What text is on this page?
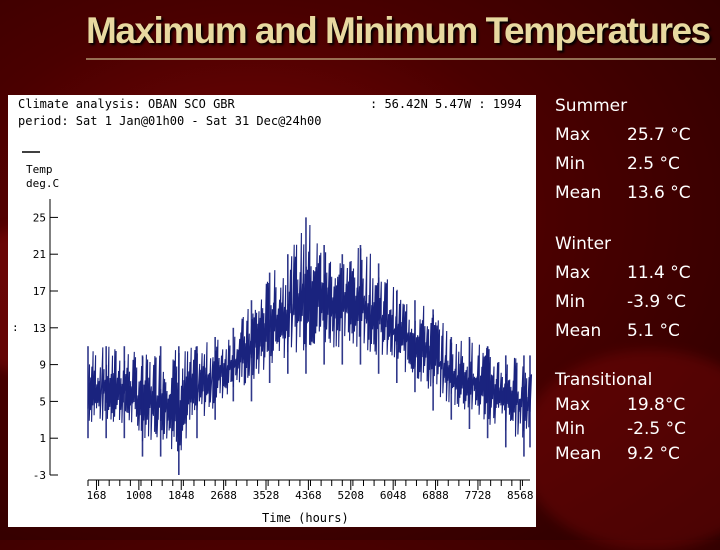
Maximum and Minimum Temperatures
Climate analysis: OBAN SCO GBR	: 56.42N 5.47W : 1994
period: Sat 1 Jan@01h00 - Sat 31 Dec@24h00
Temp
deg.C
:
25
21
17
13
9
5
1
-3
168 1008 1848 2688 3528 4368 5208 6048 6888 7728 8568
Time (hours)
Summer
Max	25.7 °C
Min	2.5 °C
Mean	13.6 °C
Winter
Max	11.4 °C
Min	-3.9 °C
Mean	5.1 °C
Transitional
Max	19.8°C
Min	-2.5 °C
Mean	9.2 °C
